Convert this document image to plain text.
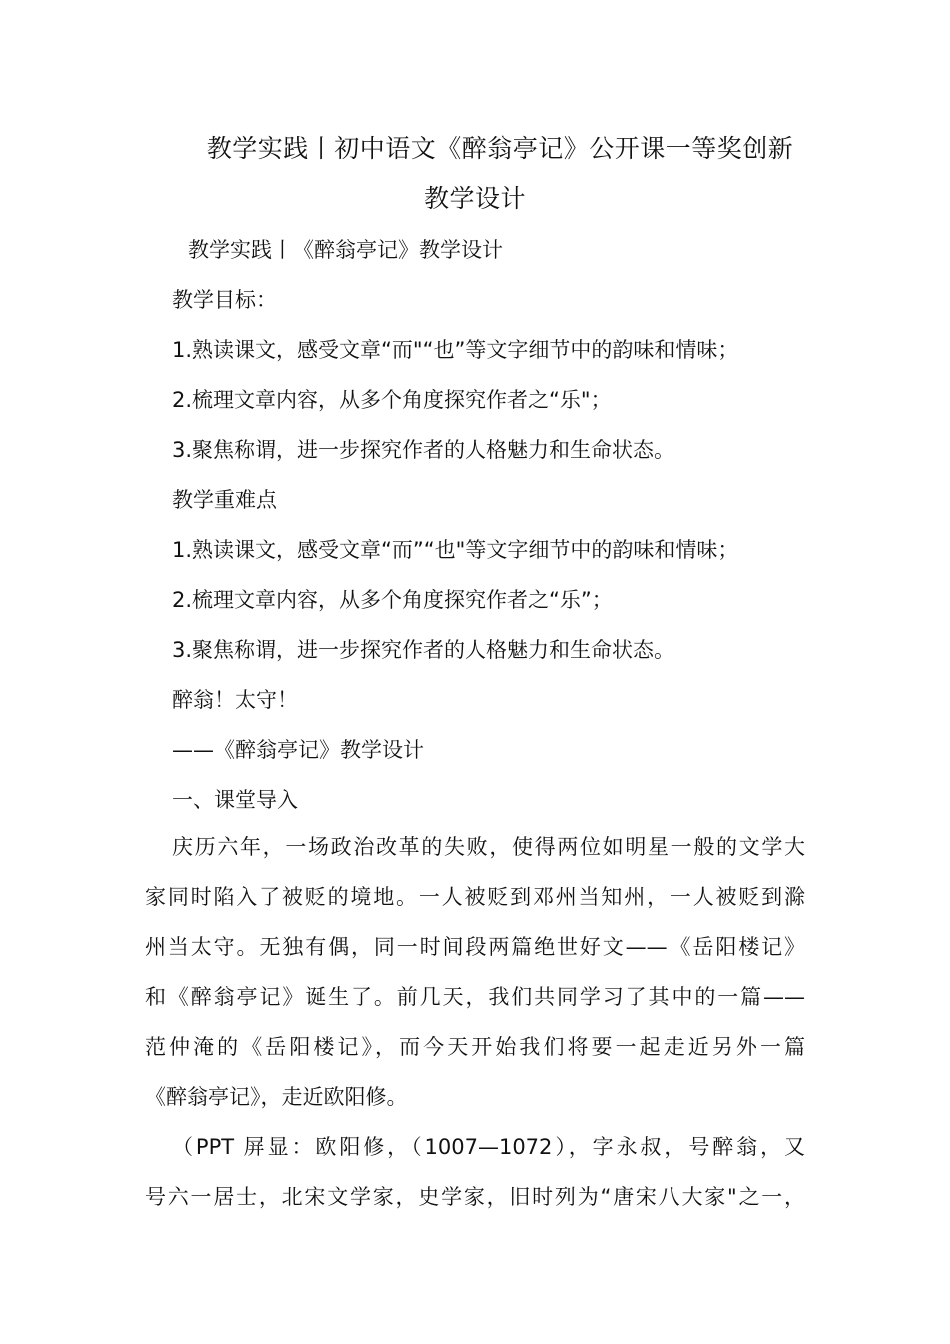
教学实践丨初中语文《醉翁亭记》公开课一等奖创新
教学设计
教学实践丨《醉翁亭记》教学设计
教学目标：
1.熟读课文，感受文章“而"“也”等文字细节中的韵味和情味；
2.梳理文章内容，从多个角度探究作者之“乐"；
3.聚焦称谓，进一步探究作者的人格魅力和生命状态。
教学重难点
1.熟读课文，感受文章“而”“也"等文字细节中的韵味和情味；
2.梳理文章内容，从多个角度探究作者之“乐”；
3.聚焦称谓，进一步探究作者的人格魅力和生命状态。
醉翁！太守！
——《醉翁亭记》教学设计
一、课堂导入
庆历六年，一场政治改革的失败，使得两位如明星一般的文学大
家同时陷入了被贬的境地。一人被贬到邓州当知州，一人被贬到滁
州当太守。无独有偶，同一时间段两篇绝世好文——《岳阳楼记》
和《醉翁亭记》诞生了。前几天，我们共同学习了其中的一篇——
范仲淹的《岳阳楼记》，而今天开始我们将要一起走近另外一篇
《醉翁亭记》，走近欧阳修。
（PPT 屏显：欧阳修，（1007—1072），字永叔，号醉翁，又
号六一居士，北宋文学家，史学家，旧时列为“唐宋八大家"之一，
